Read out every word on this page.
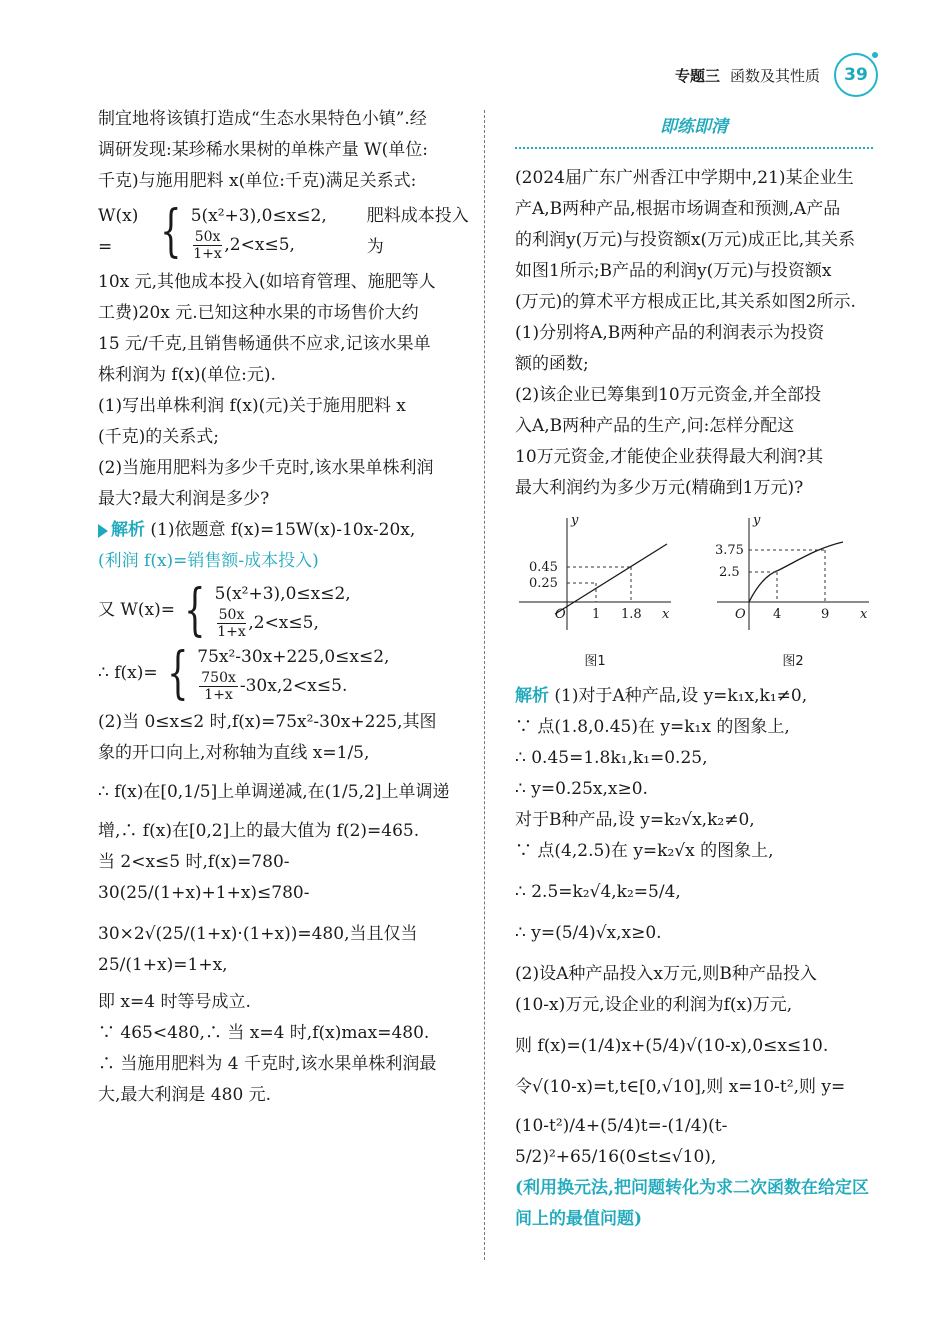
专题三 函数及其性质 39

制宜地将该镇打造成“生态水果特色小镇”.经

调研发现:某珍稀水果树的单株产量 W(单位:

千克)与施用肥料 x(单位:千克)满足关系式:

W(x) = { 5(x²+3),0≤x≤2,
$\frac{50x}{1+x} ,2<x\le 5$,
肥料成本投入为

10x 元,其他成本投入(如培育管理、施肥等人

工费)20x 元.已知这种水果的市场售价大约

15 元/千克,且销售畅通供不应求,记该水果单

株利润为 f(x)(单位:元).

(1)写出单株利润 f(x)(元)关于施用肥料 x

(千克)的关系式;

(2)当施用肥料为多少千克时,该水果单株利润

最大?最大利润是多少?

解析 (1)依题意 f(x)=15W(x)-10x-20x,

(利润 f(x)=销售额-成本投入)

又 W(x)= { 5(x²+3),0≤x≤2,
$\frac{50x}{1+x} ,2<x\le 5$,
∴ f(x)= { 75x²-30x+225,0≤x≤2,
$\frac{750x}{1+x} -30x,2<x\le 5$.

(2)当 0≤x≤2 时,f(x)=75x²-30x+225,其图

象的开口向上,对称轴为直线 x=1/5,

∴ f(x)在[0,1/5]上单调递减,在(1/5,2]上单调递

增,∴ f(x)在[0,2]上的最大值为 f(2)=465.

当 2<x≤5 时,f(x)=780-30(25/(1+x)+1+x)≤780-

30×2√(25/(1+x)·(1+x))=480,当且仅当 25/(1+x)=1+x,

即 x=4 时等号成立.

∵ 465<480,∴ 当 x=4 时,f(x)max=480.

∴ 当施用肥料为 4 千克时,该水果单株利润最

大,最大利润是 480 元.

即练即清

(2024届广东广州香江中学期中,21)某企业生

产A,B两种产品,根据市场调查和预测,A产品

的利润y(万元)与投资额x(万元)成正比,其关系

如图1所示;B产品的利润y(万元)与投资额x

(万元)的算术平方根成正比,其关系如图2所示.

(1)分别将A,B两种产品的利润表示为投资

额的函数;

(2)该企业已筹集到10万元资金,并全部投

入A,B两种产品的生产,问:怎样分配这

10万元资金,才能使企业获得最大利润?其

最大利润约为多少万元(精确到1万元)?

y
x
O
0.45
0.25
1 1.8
图1
y
x
O
3.75
2.5
4	9
图2

解析 (1)对于A种产品,设 y=k₁x,k₁≠0,

∵ 点(1.8,0.45)在 y=k₁x 的图象上,

∴ 0.45=1.8k₁,k₁=0.25,

∴ y=0.25x,x≥0.

对于B种产品,设 y=k₂√x,k₂≠0,

∵ 点(4,2.5)在 y=k₂√x 的图象上,

∴ 2.5=k₂√4,k₂=5/4,

∴ y=(5/4)√x,x≥0.

(2)设A种产品投入x万元,则B种产品投入

(10-x)万元,设企业的利润为f(x)万元,

则 f(x)=(1/4)x+(5/4)√(10-x),0≤x≤10.

令√(10-x)=t,t∈[0,√10],则 x=10-t²,则 y=

(10-t²)/4+(5/4)t=-(1/4)(t-5/2)²+65/16(0≤t≤√10),

(利用换元法,把问题转化为求二次函数在给定区间上的最值问题)
